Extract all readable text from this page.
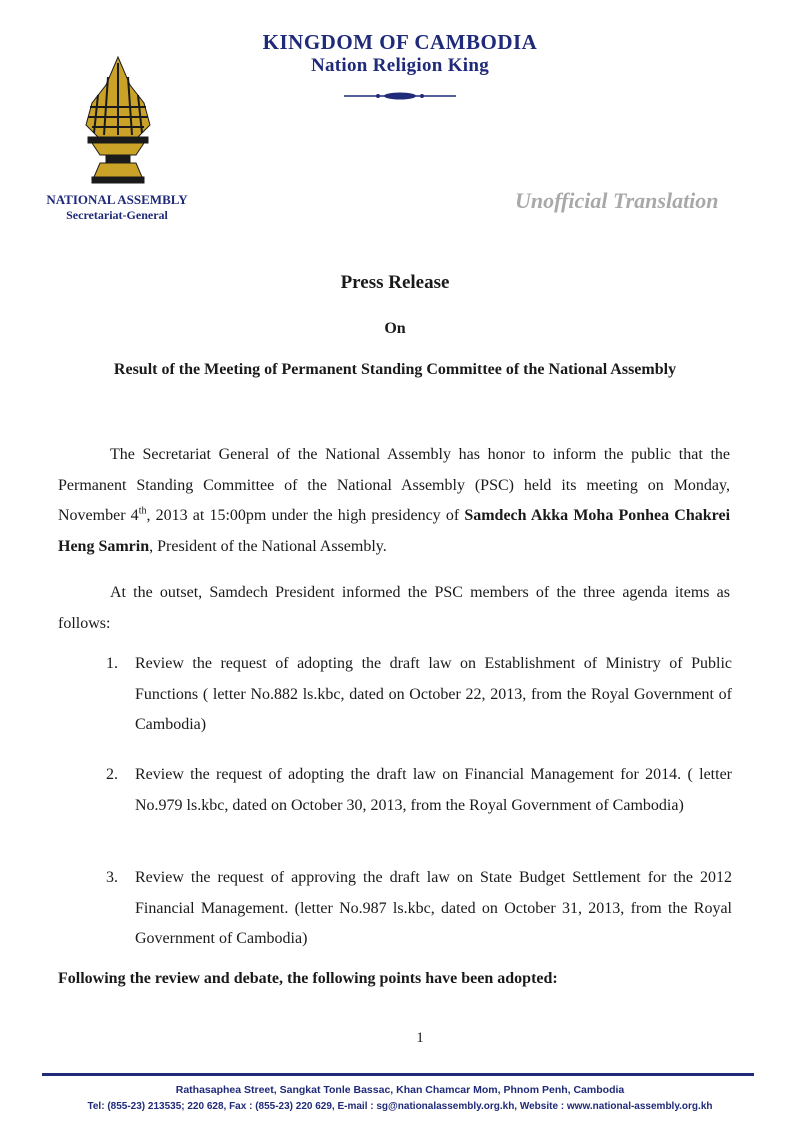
KINGDOM OF CAMBODIA
Nation Religion King
NATIONAL ASSEMBLY
Secretariat-General
Unofficial Translation
Press Release
On
Result of the Meeting of Permanent Standing Committee of the National Assembly

The Secretariat General of the National Assembly has honor to inform the public that the Permanent Standing Committee of the National Assembly (PSC) held its meeting on Monday, November 4th, 2013 at 15:00pm under the high presidency of Samdech Akka Moha Ponhea Chakrei Heng Samrin, President of the National Assembly.

At the outset, Samdech President informed the PSC members of the three agenda items as follows:

1.	Review the request of adopting the draft law on Establishment of Ministry of Public Functions ( letter No.882 ls.kbc, dated on October 22, 2013, from the Royal Government of Cambodia)
2.	Review the request of adopting the draft law on Financial Management for 2014. ( letter No.979 ls.kbc, dated on October 30, 2013, from the Royal Government of Cambodia)
3.	Review the request of approving the draft law on State Budget Settlement for the 2012 Financial Management. (letter No.987 ls.kbc, dated on October 31, 2013, from the Royal Government of Cambodia)
Following the review and debate, the following points have been adopted:
1
Rathasaphea Street, Sangkat Tonle Bassac, Khan Chamcar Mom, Phnom Penh, Cambodia
Tel: (855-23) 213535; 220 628, Fax : (855-23) 220 629, E-mail : sg@nationalassembly.org.kh, Website : www.national-assembly.org.kh
